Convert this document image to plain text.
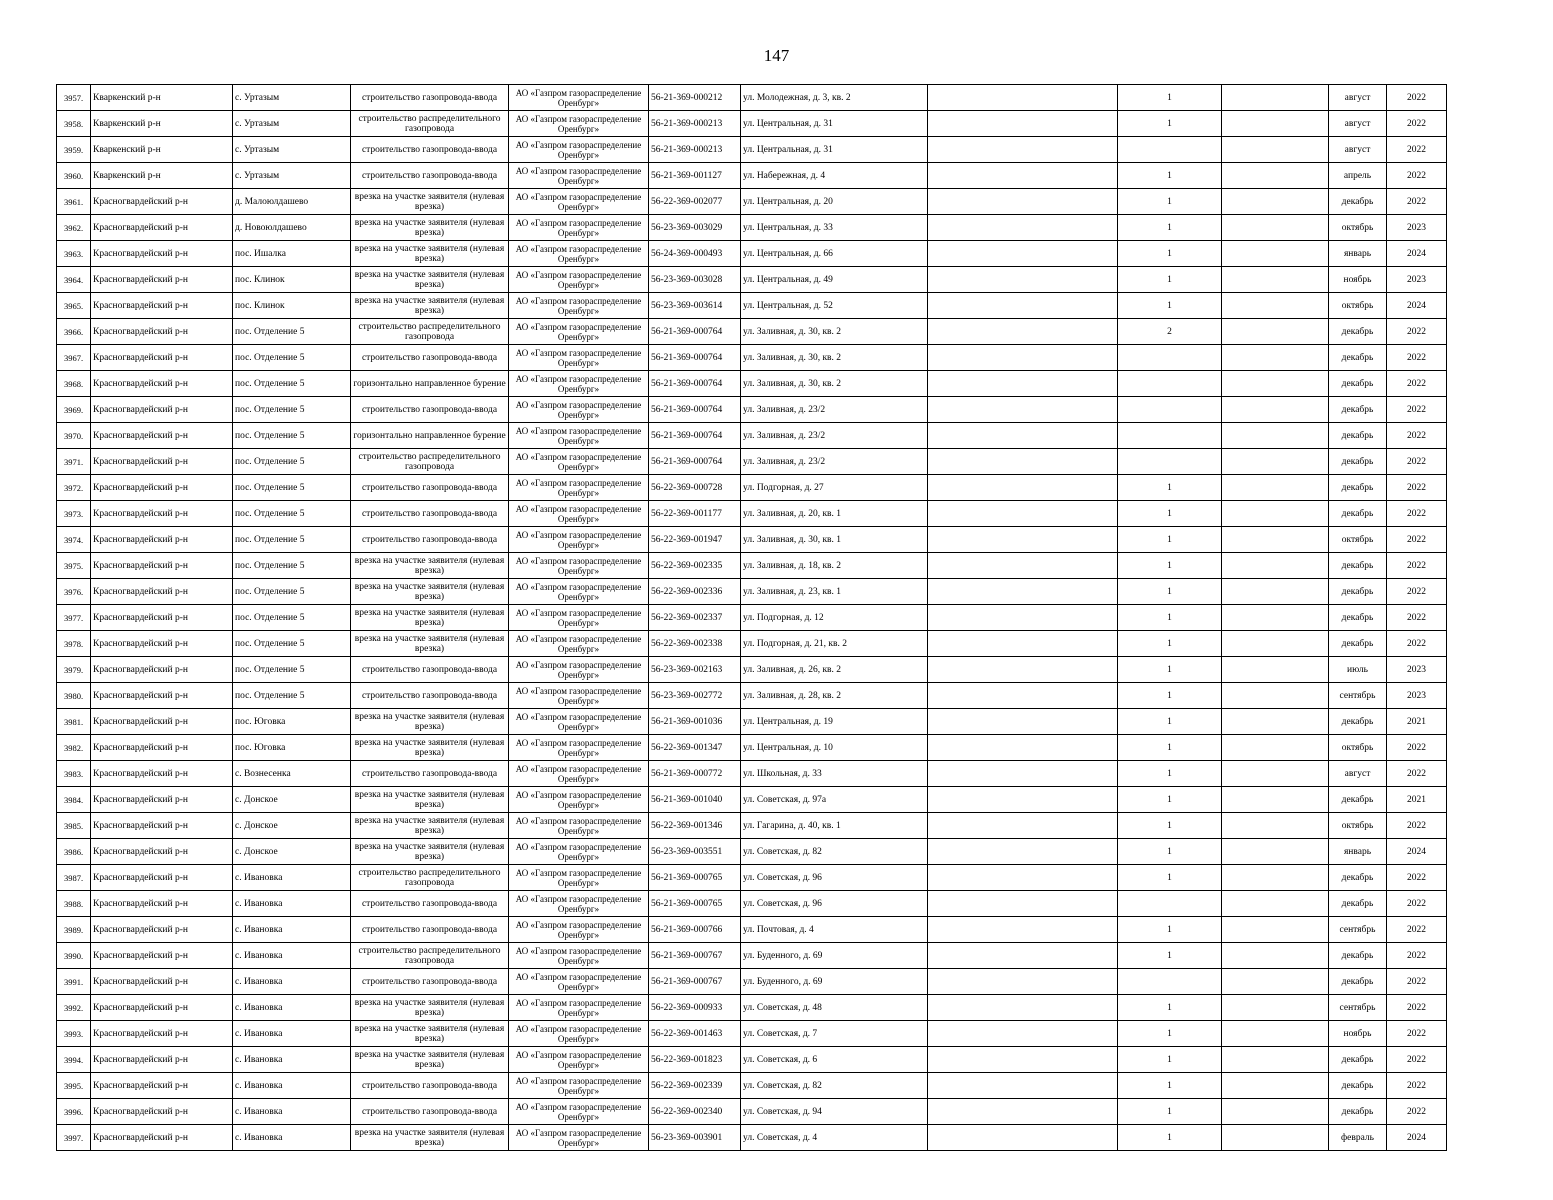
147
3957.	Кваркенский р-н	с. Уртазым	строительство газопровода-ввода	АО «Газпром газораспределение Оренбург»	56-21-369-000212	ул. Молодежная, д. 3, кв. 2		1		август	2022
3958.	Кваркенский р-н	с. Уртазым	строительство распределительного газопровода	АО «Газпром газораспределение Оренбург»	56-21-369-000213	ул. Центральная, д. 31		1		август	2022
3959.	Кваркенский р-н	с. Уртазым	строительство газопровода-ввода	АО «Газпром газораспределение Оренбург»	56-21-369-000213	ул. Центральная, д. 31				август	2022
3960.	Кваркенский р-н	с. Уртазым	строительство газопровода-ввода	АО «Газпром газораспределение Оренбург»	56-21-369-001127	ул. Набережная, д. 4		1		апрель	2022
3961.	Красногвардейский р-н	д. Малоюлдашево	врезка на участке заявителя (нулевая врезка)	АО «Газпром газораспределение Оренбург»	56-22-369-002077	ул. Центральная, д. 20		1		декабрь	2022
3962.	Красногвардейский р-н	д. Новоюлдашево	врезка на участке заявителя (нулевая врезка)	АО «Газпром газораспределение Оренбург»	56-23-369-003029	ул. Центральная, д. 33		1		октябрь	2023
3963.	Красногвардейский р-н	пос. Ишалка	врезка на участке заявителя (нулевая врезка)	АО «Газпром газораспределение Оренбург»	56-24-369-000493	ул. Центральная, д. 66		1		январь	2024
3964.	Красногвардейский р-н	пос. Клинок	врезка на участке заявителя (нулевая врезка)	АО «Газпром газораспределение Оренбург»	56-23-369-003028	ул. Центральная, д. 49		1		ноябрь	2023
3965.	Красногвардейский р-н	пос. Клинок	врезка на участке заявителя (нулевая врезка)	АО «Газпром газораспределение Оренбург»	56-23-369-003614	ул. Центральная, д. 52		1		октябрь	2024
3966.	Красногвардейский р-н	пос. Отделение 5	строительство распределительного газопровода	АО «Газпром газораспределение Оренбург»	56-21-369-000764	ул. Заливная, д. 30, кв. 2		2		декабрь	2022
3967.	Красногвардейский р-н	пос. Отделение 5	строительство газопровода-ввода	АО «Газпром газораспределение Оренбург»	56-21-369-000764	ул. Заливная, д. 30, кв. 2				декабрь	2022
3968.	Красногвардейский р-н	пос. Отделение 5	горизонтально направленное бурение	АО «Газпром газораспределение Оренбург»	56-21-369-000764	ул. Заливная, д. 30, кв. 2				декабрь	2022
3969.	Красногвардейский р-н	пос. Отделение 5	строительство газопровода-ввода	АО «Газпром газораспределение Оренбург»	56-21-369-000764	ул. Заливная, д. 23/2				декабрь	2022
3970.	Красногвардейский р-н	пос. Отделение 5	горизонтально направленное бурение	АО «Газпром газораспределение Оренбург»	56-21-369-000764	ул. Заливная, д. 23/2				декабрь	2022
3971.	Красногвардейский р-н	пос. Отделение 5	строительство распределительного газопровода	АО «Газпром газораспределение Оренбург»	56-21-369-000764	ул. Заливная, д. 23/2				декабрь	2022
3972.	Красногвардейский р-н	пос. Отделение 5	строительство газопровода-ввода	АО «Газпром газораспределение Оренбург»	56-22-369-000728	ул. Подгорная, д. 27		1		декабрь	2022
3973.	Красногвардейский р-н	пос. Отделение 5	строительство газопровода-ввода	АО «Газпром газораспределение Оренбург»	56-22-369-001177	ул. Заливная, д. 20, кв. 1		1		декабрь	2022
3974.	Красногвардейский р-н	пос. Отделение 5	строительство газопровода-ввода	АО «Газпром газораспределение Оренбург»	56-22-369-001947	ул. Заливная, д. 30, кв. 1		1		октябрь	2022
3975.	Красногвардейский р-н	пос. Отделение 5	врезка на участке заявителя (нулевая врезка)	АО «Газпром газораспределение Оренбург»	56-22-369-002335	ул. Заливная, д. 18, кв. 2		1		декабрь	2022
3976.	Красногвардейский р-н	пос. Отделение 5	врезка на участке заявителя (нулевая врезка)	АО «Газпром газораспределение Оренбург»	56-22-369-002336	ул. Заливная, д. 23, кв. 1		1		декабрь	2022
3977.	Красногвардейский р-н	пос. Отделение 5	врезка на участке заявителя (нулевая врезка)	АО «Газпром газораспределение Оренбург»	56-22-369-002337	ул. Подгорная, д. 12		1		декабрь	2022
3978.	Красногвардейский р-н	пос. Отделение 5	врезка на участке заявителя (нулевая врезка)	АО «Газпром газораспределение Оренбург»	56-22-369-002338	ул. Подгорная, д. 21, кв. 2		1		декабрь	2022
3979.	Красногвардейский р-н	пос. Отделение 5	строительство газопровода-ввода	АО «Газпром газораспределение Оренбург»	56-23-369-002163	ул. Заливная, д. 26, кв. 2		1		июль	2023
3980.	Красногвардейский р-н	пос. Отделение 5	строительство газопровода-ввода	АО «Газпром газораспределение Оренбург»	56-23-369-002772	ул. Заливная, д. 28, кв. 2		1		сентябрь	2023
3981.	Красногвардейский р-н	пос. Юговка	врезка на участке заявителя (нулевая врезка)	АО «Газпром газораспределение Оренбург»	56-21-369-001036	ул. Центральная, д. 19		1		декабрь	2021
3982.	Красногвардейский р-н	пос. Юговка	врезка на участке заявителя (нулевая врезка)	АО «Газпром газораспределение Оренбург»	56-22-369-001347	ул. Центральная, д. 10		1		октябрь	2022
3983.	Красногвардейский р-н	с. Вознесенка	строительство газопровода-ввода	АО «Газпром газораспределение Оренбург»	56-21-369-000772	ул. Школьная, д. 33		1		август	2022
3984.	Красногвардейский р-н	с. Донское	врезка на участке заявителя (нулевая врезка)	АО «Газпром газораспределение Оренбург»	56-21-369-001040	ул. Советская, д. 97а		1		декабрь	2021
3985.	Красногвардейский р-н	с. Донское	врезка на участке заявителя (нулевая врезка)	АО «Газпром газораспределение Оренбург»	56-22-369-001346	ул. Гагарина, д. 40, кв. 1		1		октябрь	2022
3986.	Красногвардейский р-н	с. Донское	врезка на участке заявителя (нулевая врезка)	АО «Газпром газораспределение Оренбург»	56-23-369-003551	ул. Советская, д. 82		1		январь	2024
3987.	Красногвардейский р-н	с. Ивановка	строительство распределительного газопровода	АО «Газпром газораспределение Оренбург»	56-21-369-000765	ул. Советская, д. 96		1		декабрь	2022
3988.	Красногвардейский р-н	с. Ивановка	строительство газопровода-ввода	АО «Газпром газораспределение Оренбург»	56-21-369-000765	ул. Советская, д. 96				декабрь	2022
3989.	Красногвардейский р-н	с. Ивановка	строительство газопровода-ввода	АО «Газпром газораспределение Оренбург»	56-21-369-000766	ул. Почтовая, д. 4		1		сентябрь	2022
3990.	Красногвардейский р-н	с. Ивановка	строительство распределительного газопровода	АО «Газпром газораспределение Оренбург»	56-21-369-000767	ул. Буденного, д. 69		1		декабрь	2022
3991.	Красногвардейский р-н	с. Ивановка	строительство газопровода-ввода	АО «Газпром газораспределение Оренбург»	56-21-369-000767	ул. Буденного, д. 69				декабрь	2022
3992.	Красногвардейский р-н	с. Ивановка	врезка на участке заявителя (нулевая врезка)	АО «Газпром газораспределение Оренбург»	56-22-369-000933	ул. Советская, д. 48		1		сентябрь	2022
3993.	Красногвардейский р-н	с. Ивановка	врезка на участке заявителя (нулевая врезка)	АО «Газпром газораспределение Оренбург»	56-22-369-001463	ул. Советская, д. 7		1		ноябрь	2022
3994.	Красногвардейский р-н	с. Ивановка	врезка на участке заявителя (нулевая врезка)	АО «Газпром газораспределение Оренбург»	56-22-369-001823	ул. Советская, д. 6		1		декабрь	2022
3995.	Красногвардейский р-н	с. Ивановка	строительство газопровода-ввода	АО «Газпром газораспределение Оренбург»	56-22-369-002339	ул. Советская, д. 82		1		декабрь	2022
3996.	Красногвардейский р-н	с. Ивановка	строительство газопровода-ввода	АО «Газпром газораспределение Оренбург»	56-22-369-002340	ул. Советская, д. 94		1		декабрь	2022
3997.	Красногвардейский р-н	с. Ивановка	врезка на участке заявителя (нулевая врезка)	АО «Газпром газораспределение Оренбург»	56-23-369-003901	ул. Советская, д. 4		1		февраль	2024
